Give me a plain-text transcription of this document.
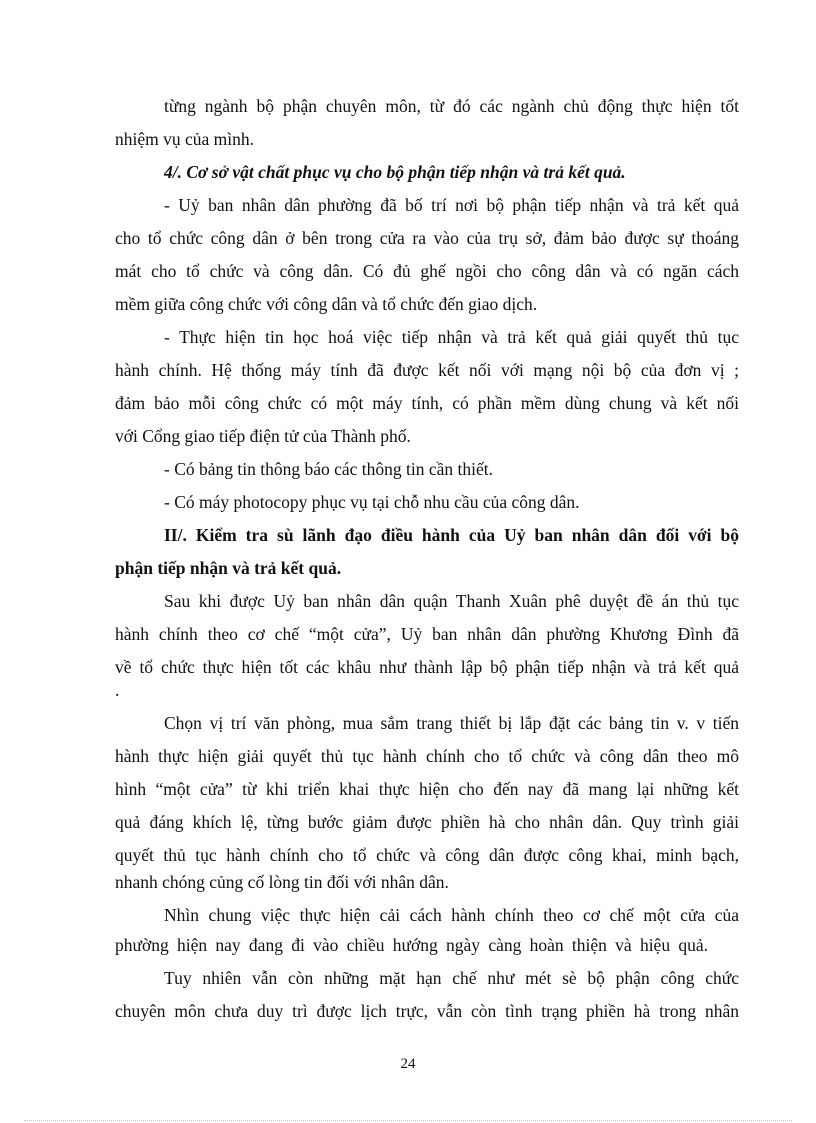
từng ngành bộ phận chuyên môn, từ đó các ngành chủ động thực hiện tốt
nhiệm vụ của mình.
4/. Cơ sở vật chất phục vụ cho bộ phận tiếp nhận và trả kết quả.
- Uỷ ban nhân dân phường đã bố trí nơi bộ phận tiếp nhận và trả kết quả
cho tổ chức công dân ở bên trong cửa ra vào của trụ sở, đảm bảo được sự thoáng
mát cho tổ chức và công dân. Có đủ ghế ngồi cho công dân và có ngăn cách
mềm giữa công chức với công dân và tổ chức đến giao dịch.
- Thực hiện tin học hoá việc tiếp nhận và trả kết quả giải quyết thủ tục
hành chính. Hệ thống máy tính đã được kết nối với mạng nội bộ của đơn vị ;
đảm bảo mỗi công chức có một máy tính, có phần mềm dùng chung và kết nối
với Cổng giao tiếp điện tử của Thành phố.
- Có bảng tin thông báo các thông tin cần thiết.
- Có máy photocopy phục vụ tại chỗ nhu cầu của công dân.
II/. Kiểm tra sù lãnh đạo điều hành của Uỷ ban nhân dân đối với bộ
phận tiếp nhận và trả kết quả.
Sau khi được Uỷ ban nhân dân quận Thanh Xuân phê duyệt đề án thủ tục
hành chính theo cơ chế “một cửa”, Uỷ ban nhân dân phường Khương Đình đã
về tổ chức thực hiện tốt các khâu như thành lập bộ phận tiếp nhận và trả kết quả
.
Chọn vị trí văn phòng, mua sắm trang thiết bị lắp đặt các bảng tin v. v tiến
hành thực hiện giải quyết thủ tục hành chính cho tổ chức và công dân theo mô
hình “một cửa” từ khi triển khai thực hiện cho đến nay đã mang lại những kết
quả đáng khích lệ, từng bước giảm được phiền hà cho nhân dân. Quy trình giải
quyết thủ tục hành chính cho tổ chức và công dân được công khai, minh bạch,
nhanh chóng củng cố lòng tin đối với nhân dân.
Nhìn chung việc thực hiện cải cách hành chính theo cơ chế một cửa của
phường hiện nay đang đi vào chiều hướng ngày càng hoàn thiện và hiệu quả.
Tuy nhiên vẫn còn những mặt hạn chế như mét sè bộ phận công chức
chuyên môn chưa duy trì được lịch trực, vẫn còn tình trạng phiền hà trong nhân
24
